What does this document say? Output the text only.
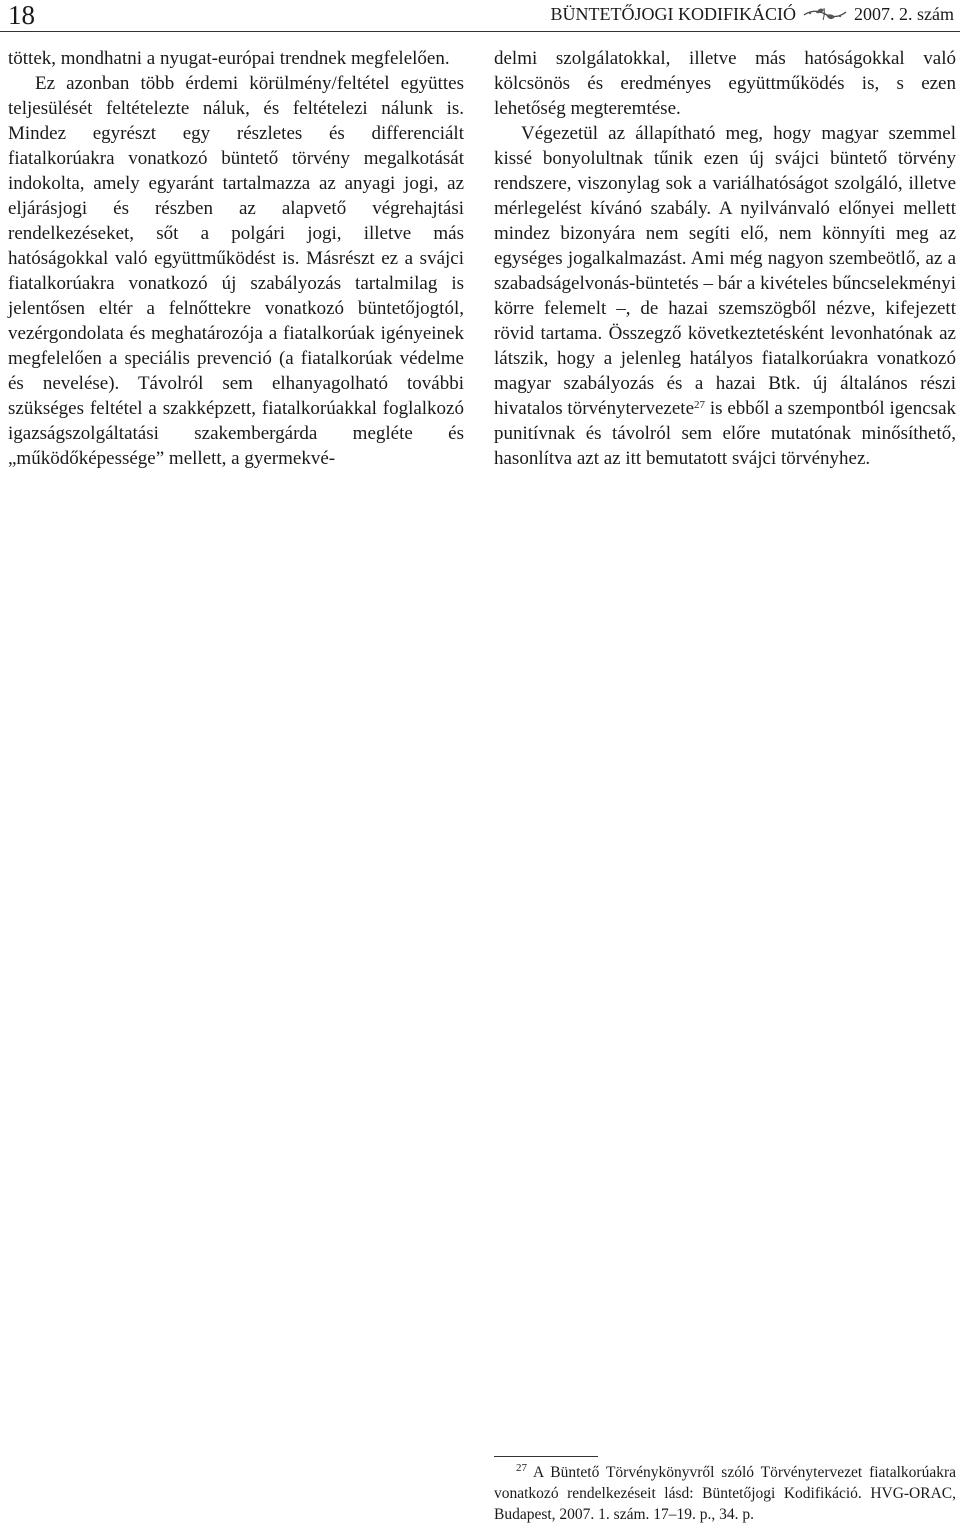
18	BÜNTETŐJOGI KODIFIKÁCIÓ	2007. 2. szám

töttek, mondhatni a nyugat-európai trendnek megfelelően.

Ez azonban több érdemi körülmény/feltétel együttes teljesülését feltételezte náluk, és feltételezi nálunk is. Mindez egyrészt egy részletes és differenciált fiatalkorúakra vonatkozó büntető törvény megalkotását indokolta, amely egyaránt tartalmazza az anyagi jogi, az eljárásjogi és részben az alapvető végrehajtási rendelkezéseket, sőt a polgári jogi, illetve más hatóságokkal való együttműködést is. Másrészt ez a svájci fiatalkorúakra vonatkozó új szabályozás tartalmilag is jelentősen eltér a felnőttekre vonatkozó büntetőjogtól, vezérgondolata és meghatározója a fiatalkorúak igényeinek megfelelően a speciális prevenció (a fiatalkorúak védelme és nevelése). Távolról sem elhanyagolható további szükséges feltétel a szakképzett, fiatalkorúakkal foglalkozó igazságszolgáltatási szakembergárda megléte és „működőképessége” mellett, a gyermekvé-

delmi szolgálatokkal, illetve más hatóságokkal való kölcsönös és eredményes együttműködés is, s ezen lehetőség megteremtése.

Végezetül az állapítható meg, hogy magyar szemmel kissé bonyolultnak tűnik ezen új svájci büntető törvény rendszere, viszonylag sok a variálhatóságot szolgáló, illetve mérlegelést kívánó szabály. A nyilvánvaló előnyei mellett mindez bizonyára nem segíti elő, nem könnyíti meg az egységes jogalkalmazást. Ami még nagyon szembeötlő, az a szabadságelvonás-büntetés – bár a kivételes bűncselekményi körre felemelt –, de hazai szemszögből nézve, kifejezett rövid tartama. Összegző következtetésként levonhatónak az látszik, hogy a jelenleg hatályos fiatalkorúakra vonatkozó magyar szabályozás és a hazai Btk. új általános részi hivatalos törvénytervezete$^{27}$ is ebből a szempontból igencsak punitívnak és távolról sem előre mutatónak minősíthető, hasonlítva azt az itt bemutatott svájci törvényhez.

$^{27}$ A Büntető Törvénykönyvről szóló Törvénytervezet fiatalkorúakra vonatkozó rendelkezéseit lásd: Büntetőjogi Kodifikáció. HVG-ORAC, Budapest, 2007. 1. szám. 17–19. p., 34. p.
